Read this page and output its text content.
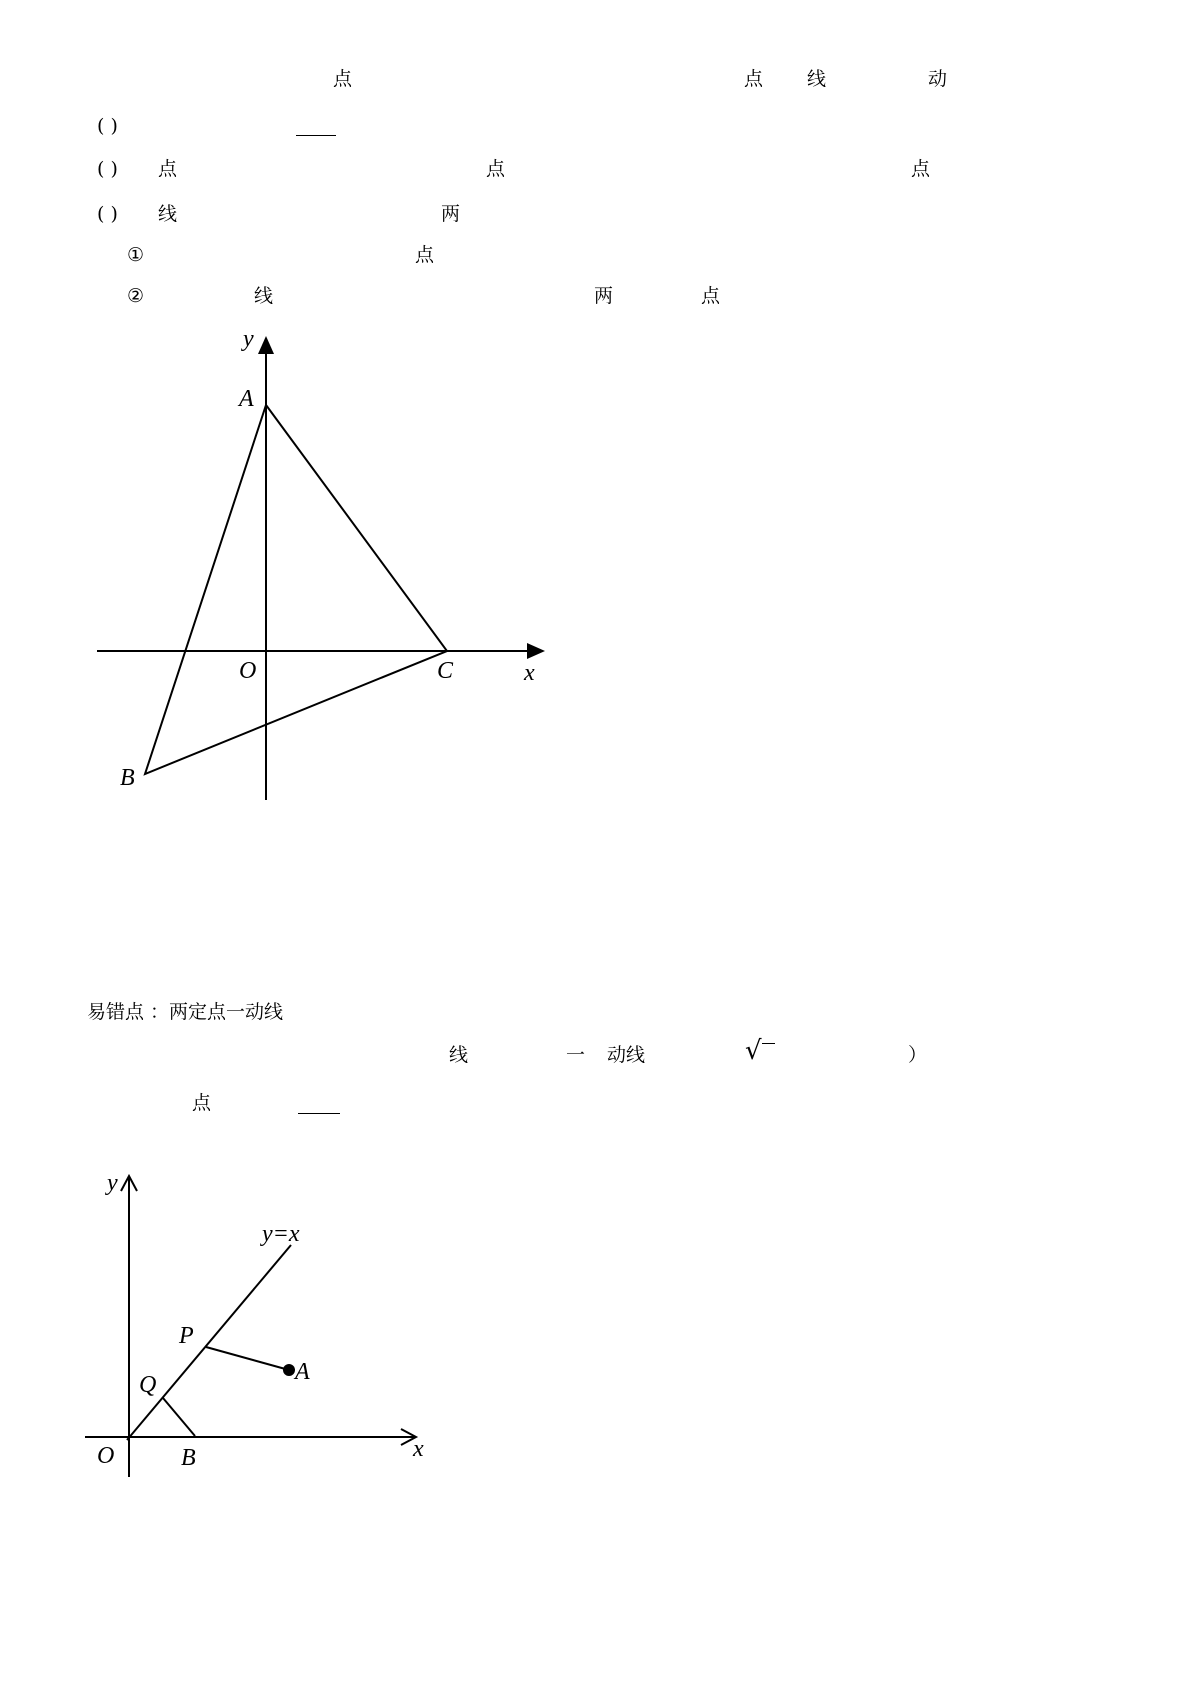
点	点 线	动
( )
( ) 点	点	点
( ) 线	两
①	点
②	线	两	点
y
A
O	C	x
B
易错点 ：两定点一动线
线	一 动线	√	）
点
y
y=x
P
A
Q
O	B	x
